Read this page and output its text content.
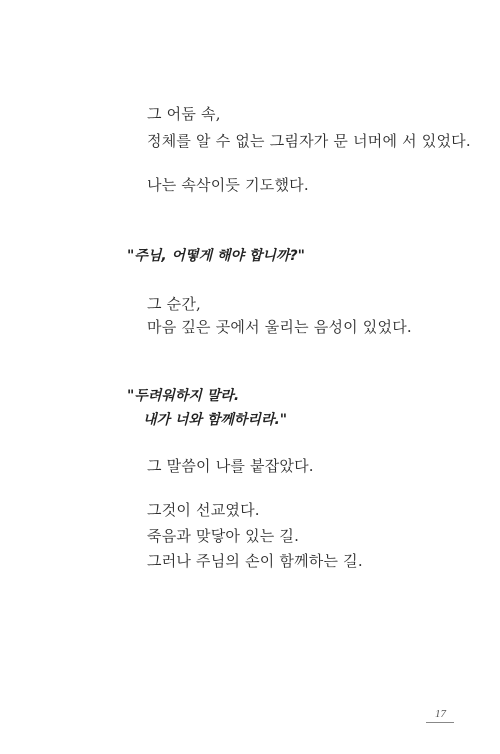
그 어둠 속,
정체를 알 수 없는 그림자가 문 너머에 서 있었다.
나는 속삭이듯 기도했다.
"주님, 어떻게 해야 합니까?"
그 순간,
마음 깊은 곳에서 울리는 음성이 있었다.
"두려워하지 말라.
내가 너와 함께하리라."
그 말씀이 나를 붙잡았다.
그것이 선교였다.
죽음과 맞닿아 있는 길.
그러나 주님의 손이 함께하는 길.
17
